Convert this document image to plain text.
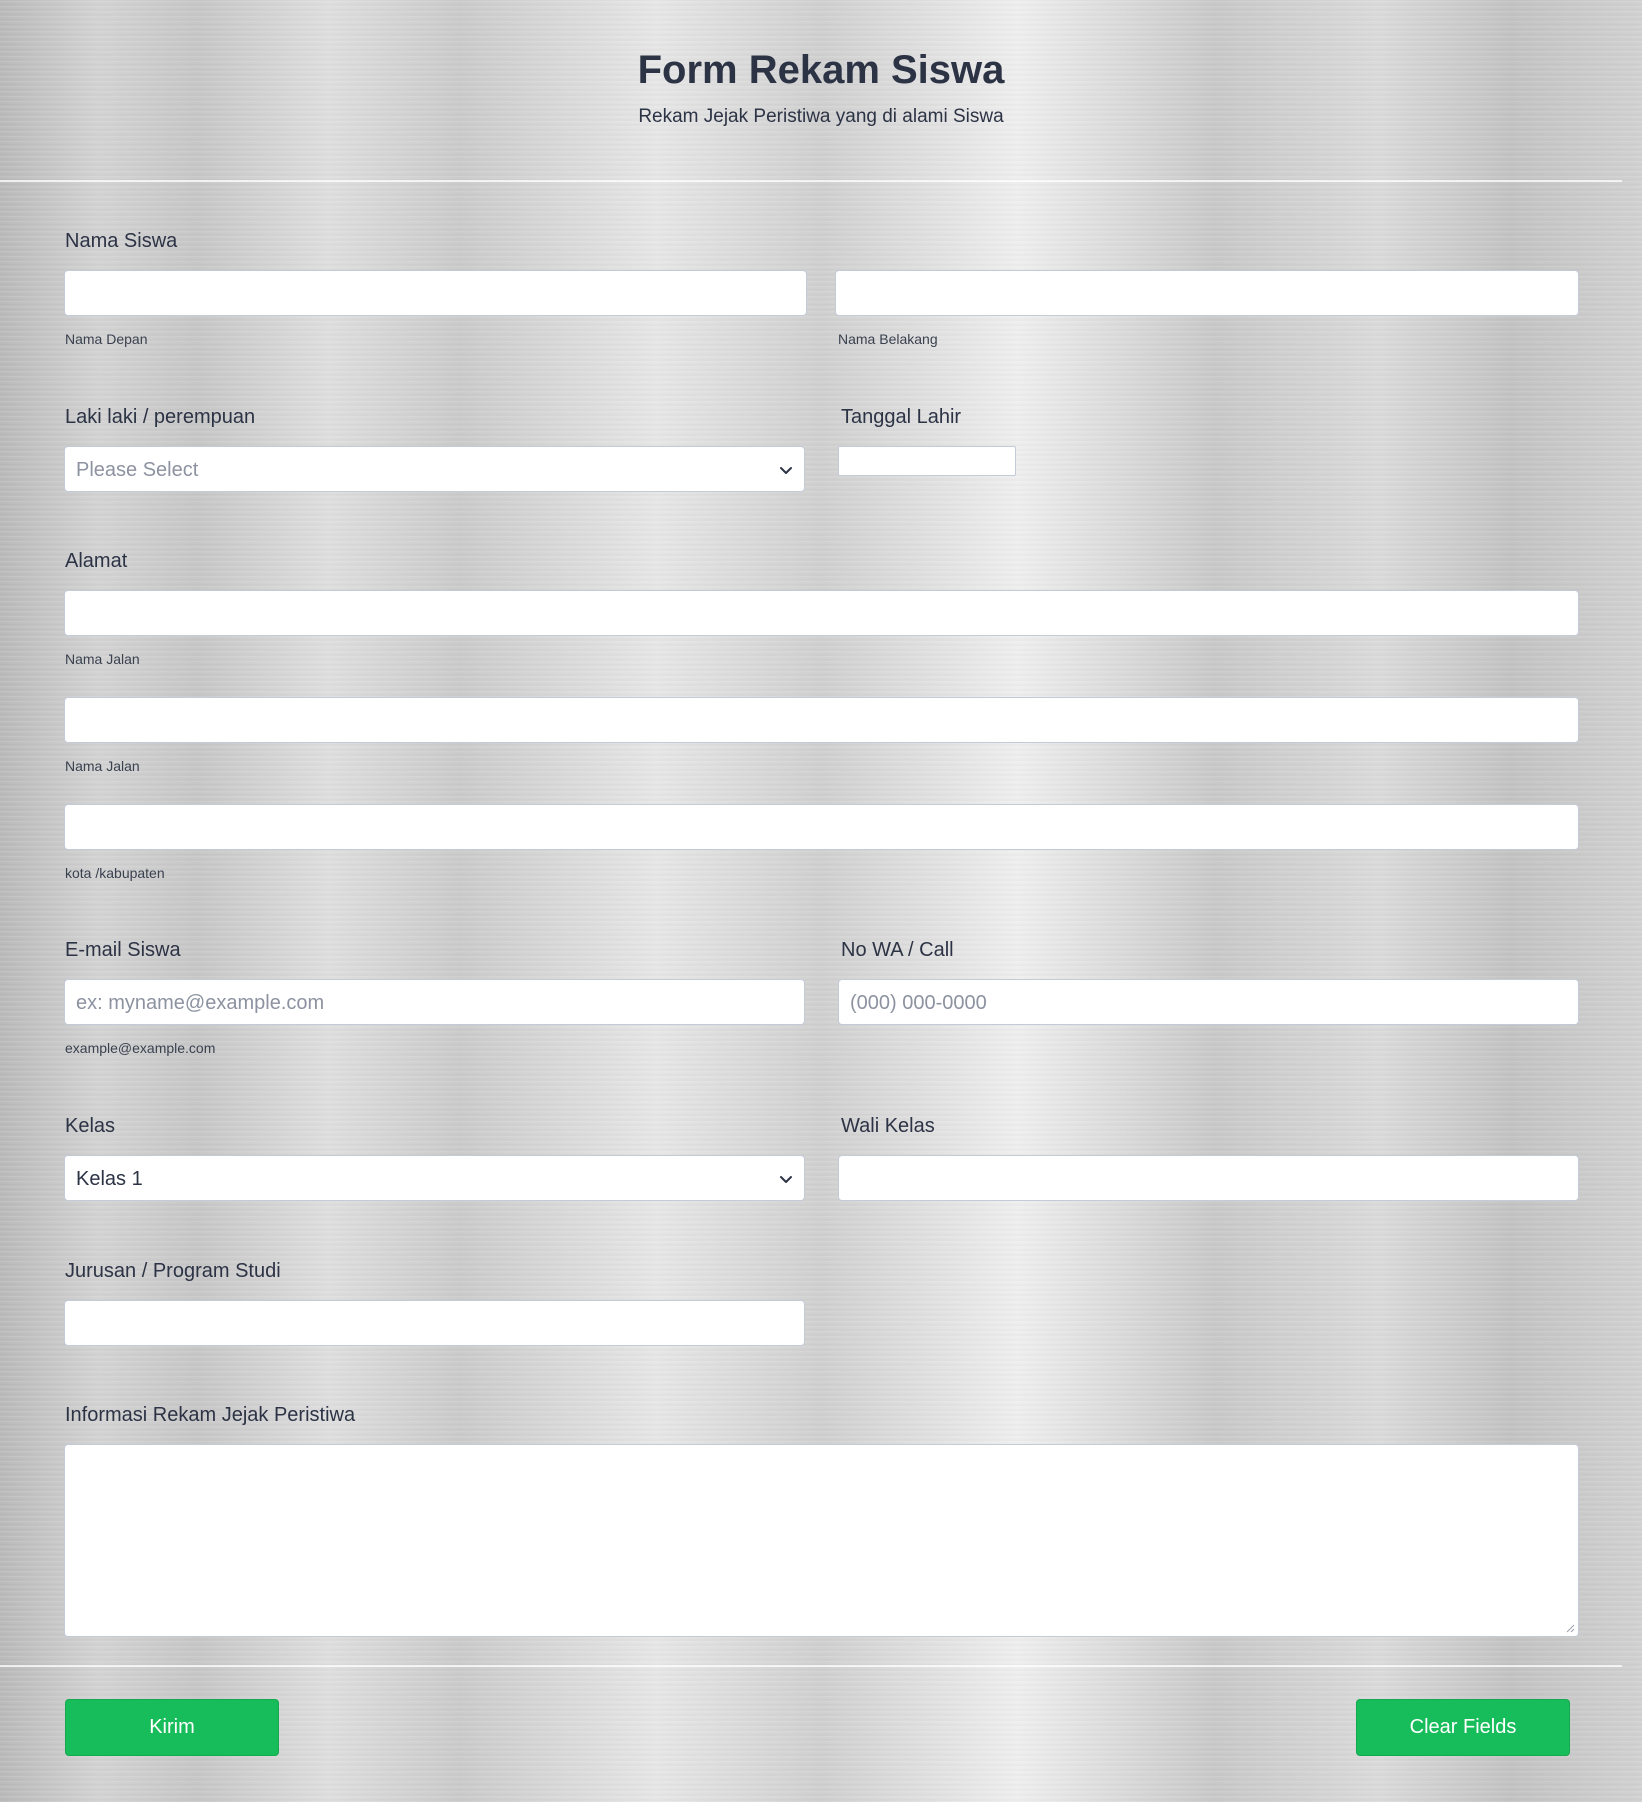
Form Rekam Siswa
Rekam Jejak Peristiwa yang di alami Siswa
Nama Siswa
Nama Depan	Nama Belakang
Laki laki / perempuan
Please Select
Tanggal Lahir
Alamat
Nama Jalan
Nama Jalan
kota /kabupaten
E-mail Siswa
ex: myname@example.com
example@example.com
No WA / Call
(000) 000-0000
Kelas
Kelas 1
Wali Kelas
Jurusan / Program Studi
Informasi Rekam Jejak Peristiwa
Kirim	Clear Fields
